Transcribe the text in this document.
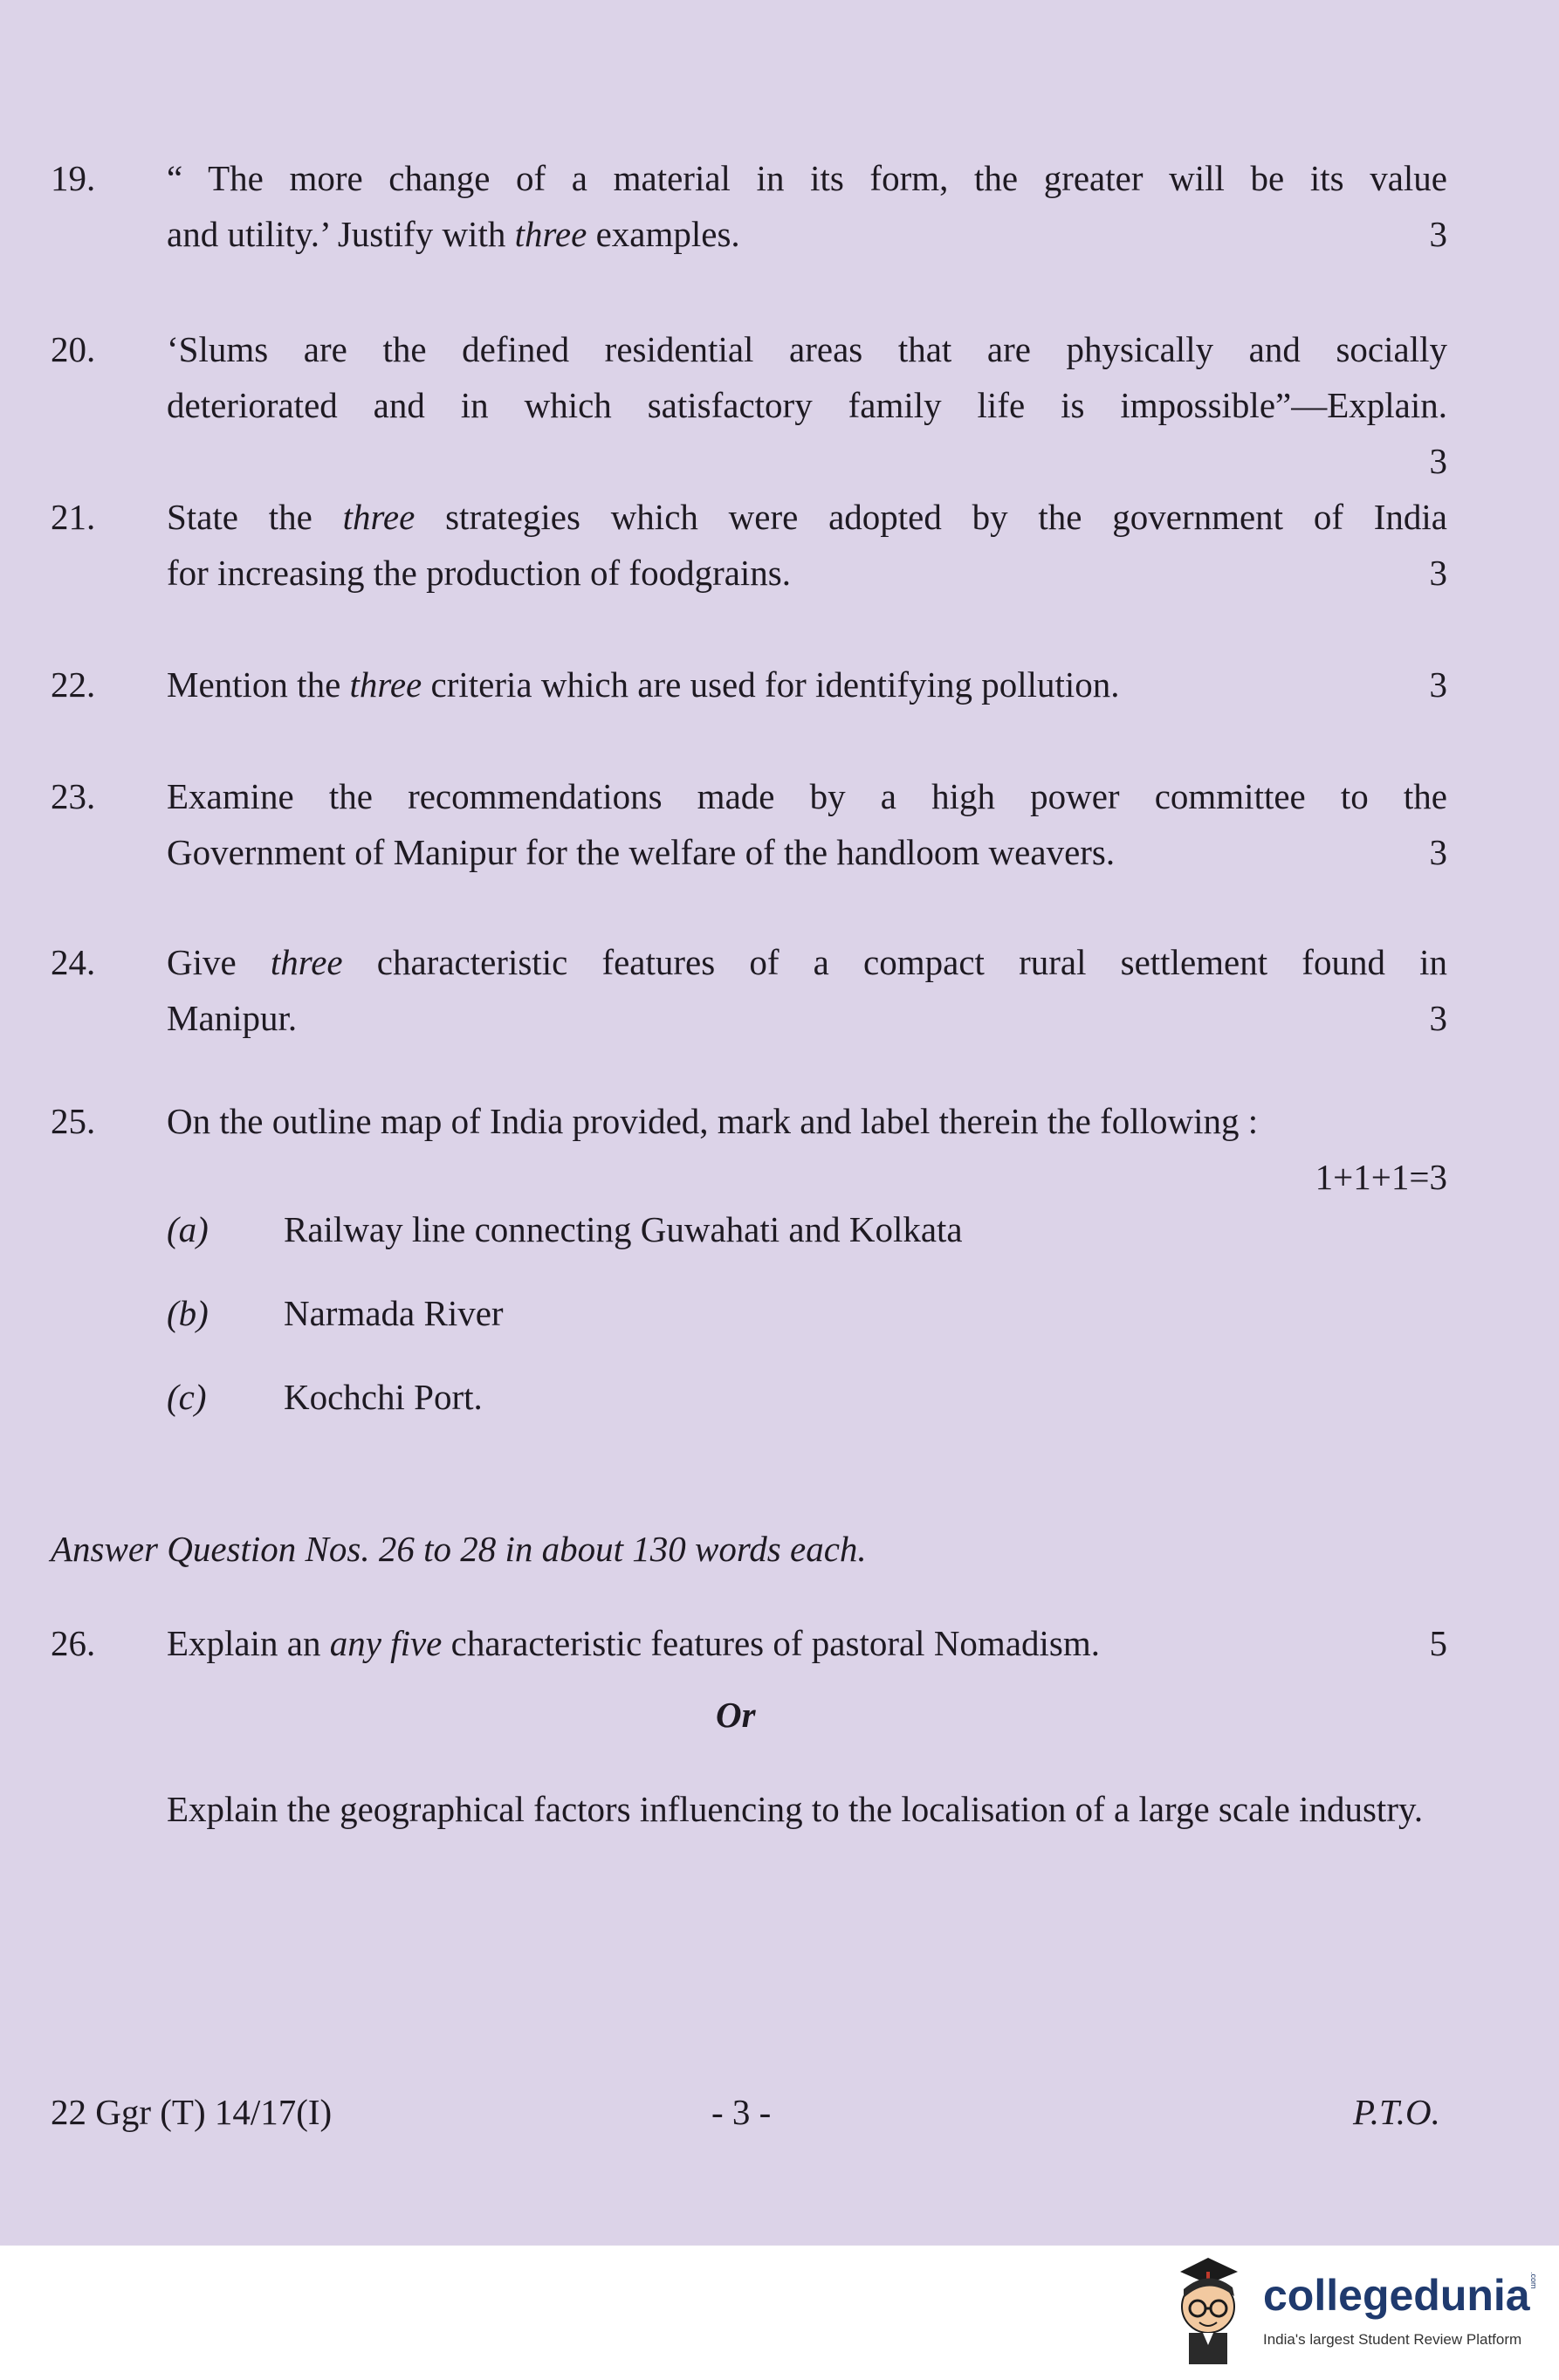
19.	“ The more change of a material in its form, the greater will be its value
and utility.’ Justify with three examples.	3
20.	‘Slums are the defined residential areas that are physically and socially
deteriorated and in which satisfactory family life is impossible”—Explain.
3
21.	State the three strategies which were adopted by the government of India
for increasing the production of foodgrains.	3
22.	Mention the three criteria which are used for identifying pollution.	3
23.	Examine the recommendations made by a high power committee to the
Government of Manipur for the welfare of the handloom weavers.	3
24.	Give three characteristic features of a compact rural settlement found in
Manipur.	3
25.	On the outline map of India provided, mark and label therein the following :
1+1+1=3
(a) Railway line connecting Guwahati and Kolkata
(b) Narmada River
(c) Kochchi Port.
Answer Question Nos. 26 to 28 in about 130 words each.
26.	Explain an any five characteristic features of pastoral Nomadism.	5
Or
Explain the geographical factors influencing to the localisation of a large scale industry.
22 Ggr (T) 14/17(I)	- 3 -	P.T.O.
collegedunia .com
India's largest Student Review Platform
